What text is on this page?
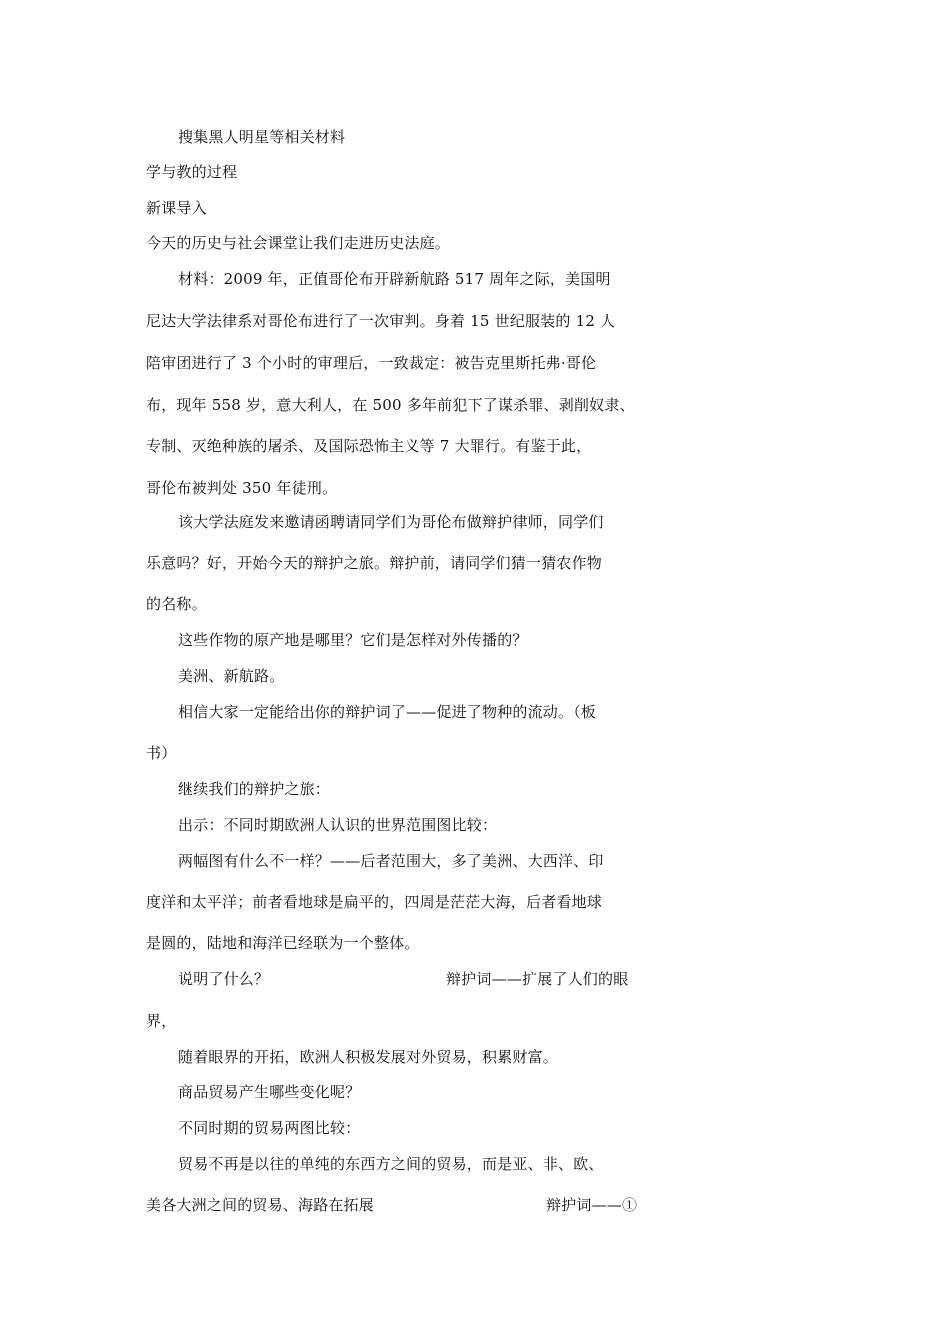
搜集黑人明星等相关材料
学与教的过程
新课导入
今天的历史与社会课堂让我们走进历史法庭。
材料：2009 年，正值哥伦布开辟新航路 517 周年之际，美国明
尼达大学法律系对哥伦布进行了一次审判。身着 15 世纪服装的 12 人
陪审团进行了 3 个小时的审理后，一致裁定：被告克里斯托弗·哥伦
布，现年 558 岁，意大利人，在 500 多年前犯下了谋杀罪、剥削奴隶、
专制、灭绝种族的屠杀、及国际恐怖主义等 7 大罪行。有鉴于此，
哥伦布被判处 350 年徒刑。
该大学法庭发来邀请函聘请同学们为哥伦布做辩护律师，同学们
乐意吗？好，开始今天的辩护之旅。辩护前，请同学们猜一猜农作物
的名称。
这些作物的原产地是哪里？它们是怎样对外传播的？
美洲、新航路。
相信大家一定能给出你的辩护词了——促进了物种的流动。（板
书）
继续我们的辩护之旅：
出示：不同时期欧洲人认识的世界范围图比较：
两幅图有什么不一样？——后者范围大，多了美洲、大西洋、印
度洋和太平洋；前者看地球是扁平的，四周是茫茫大海，后者看地球
是圆的，陆地和海洋已经联为一个整体。
说明了什么？	辩护词——扩展了人们的眼
界，
随着眼界的开拓，欧洲人积极发展对外贸易，积累财富。
商品贸易产生哪些变化呢？
不同时期的贸易两图比较：
贸易不再是以往的单纯的东西方之间的贸易，而是亚、非、欧、
美各大洲之间的贸易、海路在拓展	辩护词——①
